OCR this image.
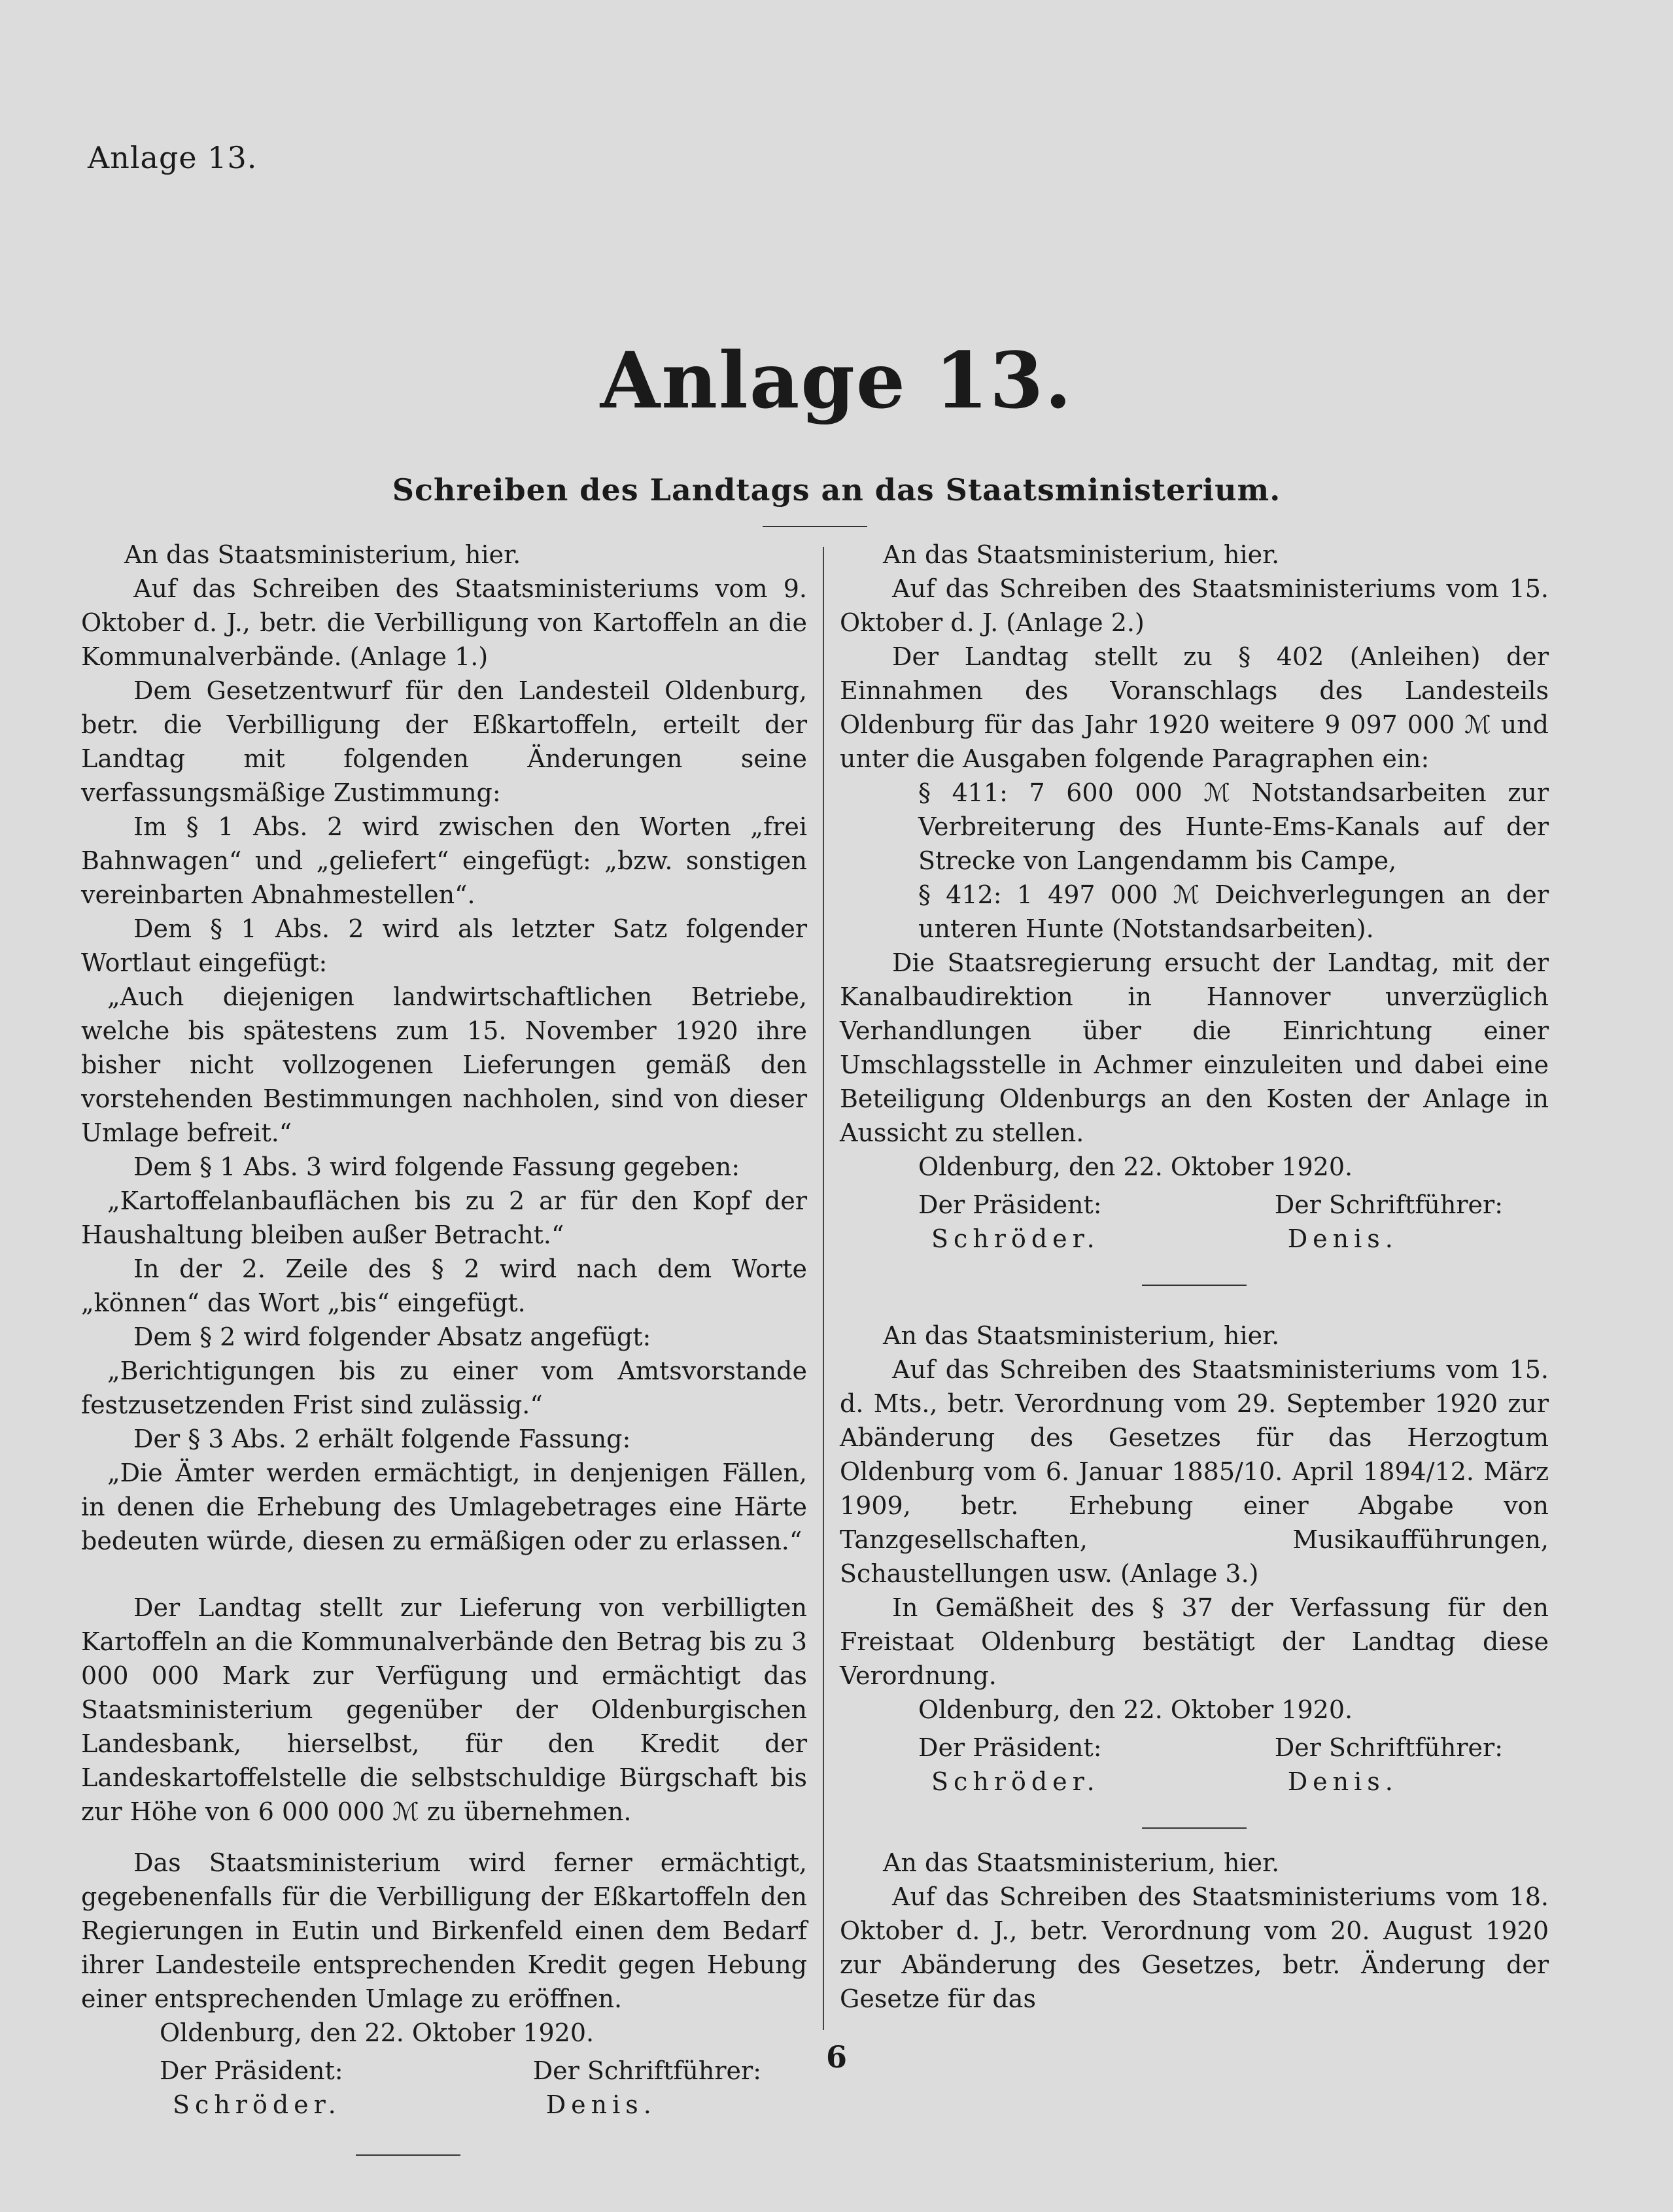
Anlage 13.
Anlage 13.
Schreiben des Landtags an das Staatsministerium.

An das Staatsministerium, hier.

Auf das Schreiben des Staatsministeriums vom 9. Oktober d. J., betr. die Verbilligung von Kartoffeln an die Kommunalverbände. (Anlage 1.)

Dem Gesetzentwurf für den Landesteil Oldenburg, betr. die Verbilligung der Eßkartoffeln, erteilt der Landtag mit folgenden Änderungen seine verfassungsmäßige Zustimmung:

Im § 1 Abs. 2 wird zwischen den Worten „frei Bahnwagen“ und „geliefert“ eingefügt: „bzw. sonstigen vereinbarten Abnahmestellen“.

Dem § 1 Abs. 2 wird als letzter Satz folgender Wortlaut eingefügt:

„Auch diejenigen landwirtschaftlichen Betriebe, welche bis spätestens zum 15. November 1920 ihre bisher nicht vollzogenen Lieferungen gemäß den vorstehenden Bestimmungen nachholen, sind von dieser Umlage befreit.“

Dem § 1 Abs. 3 wird folgende Fassung gegeben:

„Kartoffelanbauflächen bis zu 2 ar für den Kopf der Haushaltung bleiben außer Betracht.“

In der 2. Zeile des § 2 wird nach dem Worte „können“ das Wort „bis“ eingefügt.

Dem § 2 wird folgender Absatz angefügt:

„Berichtigungen bis zu einer vom Amtsvorstande festzusetzenden Frist sind zulässig.“

Der § 3 Abs. 2 erhält folgende Fassung:

„Die Ämter werden ermächtigt, in denjenigen Fällen, in denen die Erhebung des Umlagebetrages eine Härte bedeuten würde, diesen zu ermäßigen oder zu erlassen.“

Der Landtag stellt zur Lieferung von verbilligten Kartoffeln an die Kommunalverbände den Betrag bis zu 3 000 000 Mark zur Verfügung und ermächtigt das Staatsministerium gegenüber der Oldenburgischen Landesbank, hierselbst, für den Kredit der Landeskartoffelstelle die selbstschuldige Bürgschaft bis zur Höhe von 6 000 000 ℳ zu übernehmen.

Das Staatsministerium wird ferner ermächtigt, gegebenenfalls für die Verbilligung der Eßkartoffeln den Regierungen in Eutin und Birkenfeld einen dem Bedarf ihrer Landesteile entsprechenden Kredit gegen Hebung einer entsprechenden Umlage zu eröffnen.

Oldenburg, den 22. Oktober 1920.

Der Präsident:
Schröder.
Der Schriftführer:
Denis.

An das Staatsministerium, hier.

Auf das Schreiben des Staatsministeriums vom 15. Oktober d. J. (Anlage 2.)

Der Landtag stellt zu § 402 (Anleihen) der Einnahmen des Voranschlags des Landesteils Oldenburg für das Jahr 1920 weitere 9 097 000 ℳ und unter die Ausgaben folgende Paragraphen ein:

§ 411: 7 600 000 ℳ Notstandsarbeiten zur Verbreiterung des Hunte-Ems-Kanals auf der Strecke von Langendamm bis Campe,

§ 412: 1 497 000 ℳ Deichverlegungen an der unteren Hunte (Notstandsarbeiten).

Die Staatsregierung ersucht der Landtag, mit der Kanalbaudirektion in Hannover unverzüglich Verhandlungen über die Einrichtung einer Umschlagsstelle in Achmer einzuleiten und dabei eine Beteiligung Oldenburgs an den Kosten der Anlage in Aussicht zu stellen.

Oldenburg, den 22. Oktober 1920.

Der Präsident:
Schröder.
Der Schriftführer:
Denis.

An das Staatsministerium, hier.

Auf das Schreiben des Staatsministeriums vom 15. d. Mts., betr. Verordnung vom 29. September 1920 zur Abänderung des Gesetzes für das Herzogtum Oldenburg vom 6. Januar 1885/10. April 1894/12. März 1909, betr. Erhebung einer Abgabe von Tanzgesellschaften, Musikaufführungen, Schaustellungen usw. (Anlage 3.)

In Gemäßheit des § 37 der Verfassung für den Freistaat Oldenburg bestätigt der Landtag diese Verordnung.

Oldenburg, den 22. Oktober 1920.

Der Präsident:
Schröder.
Der Schriftführer:
Denis.

An das Staatsministerium, hier.

Auf das Schreiben des Staatsministeriums vom 18. Oktober d. J., betr. Verordnung vom 20. August 1920 zur Abänderung des Gesetzes, betr. Änderung der Gesetze für das

6
